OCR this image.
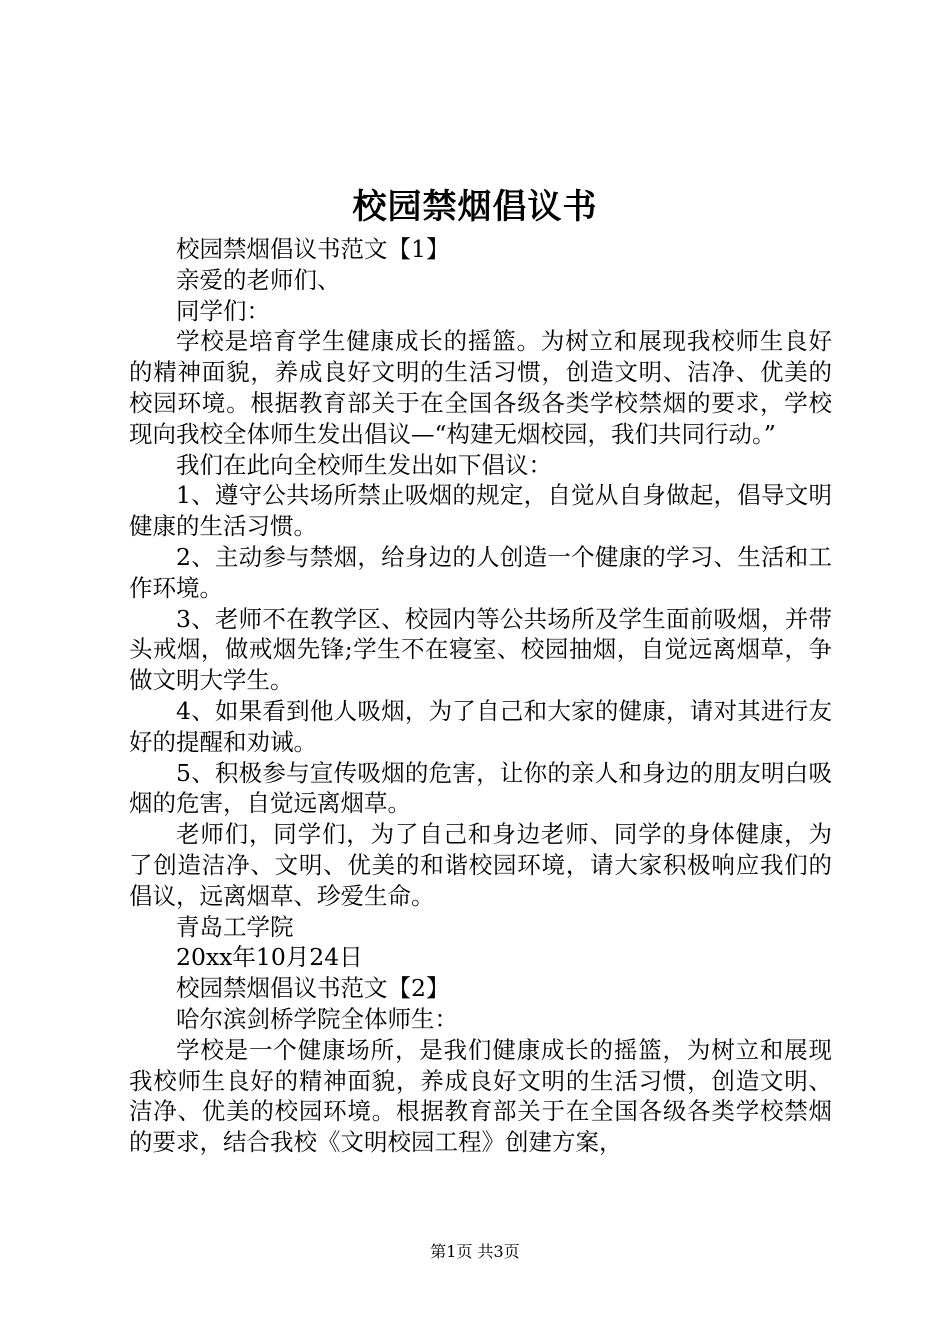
校园禁烟倡议书

校园禁烟倡议书范文【1】

亲爱的老师们、

同学们：

学校是培育学生健康成长的摇篮。为树立和展现我校师生良好的精神面貌，养成良好文明的生活习惯，创造文明、洁净、优美的校园环境。根据教育部关于在全国各级各类学校禁烟的要求，学校现向我校全体师生发出倡议—“构建无烟校园，我们共同行动。”

我们在此向全校师生发出如下倡议：

1、遵守公共场所禁止吸烟的规定，自觉从自身做起，倡导文明健康的生活习惯。

2、主动参与禁烟，给身边的人创造一个健康的学习、生活和工作环境。

3、老师不在教学区、校园内等公共场所及学生面前吸烟，并带头戒烟，做戒烟先锋;学生不在寝室、校园抽烟，自觉远离烟草，争做文明大学生。

4、如果看到他人吸烟，为了自己和大家的健康，请对其进行友好的提醒和劝诫。

5、积极参与宣传吸烟的危害，让你的亲人和身边的朋友明白吸烟的危害，自觉远离烟草。

老师们，同学们，为了自己和身边老师、同学的身体健康，为了创造洁净、文明、优美的和谐校园环境，请大家积极响应我们的倡议，远离烟草、珍爱生命。

青岛工学院

20xx年10月24日

校园禁烟倡议书范文【2】

哈尔滨剑桥学院全体师生：

学校是一个健康场所，是我们健康成长的摇篮，为树立和展现我校师生良好的精神面貌，养成良好文明的生活习惯，创造文明、洁净、优美的校园环境。根据教育部关于在全国各级各类学校禁烟的要求，结合我校《文明校园工程》创建方案，

第1页 共3页
